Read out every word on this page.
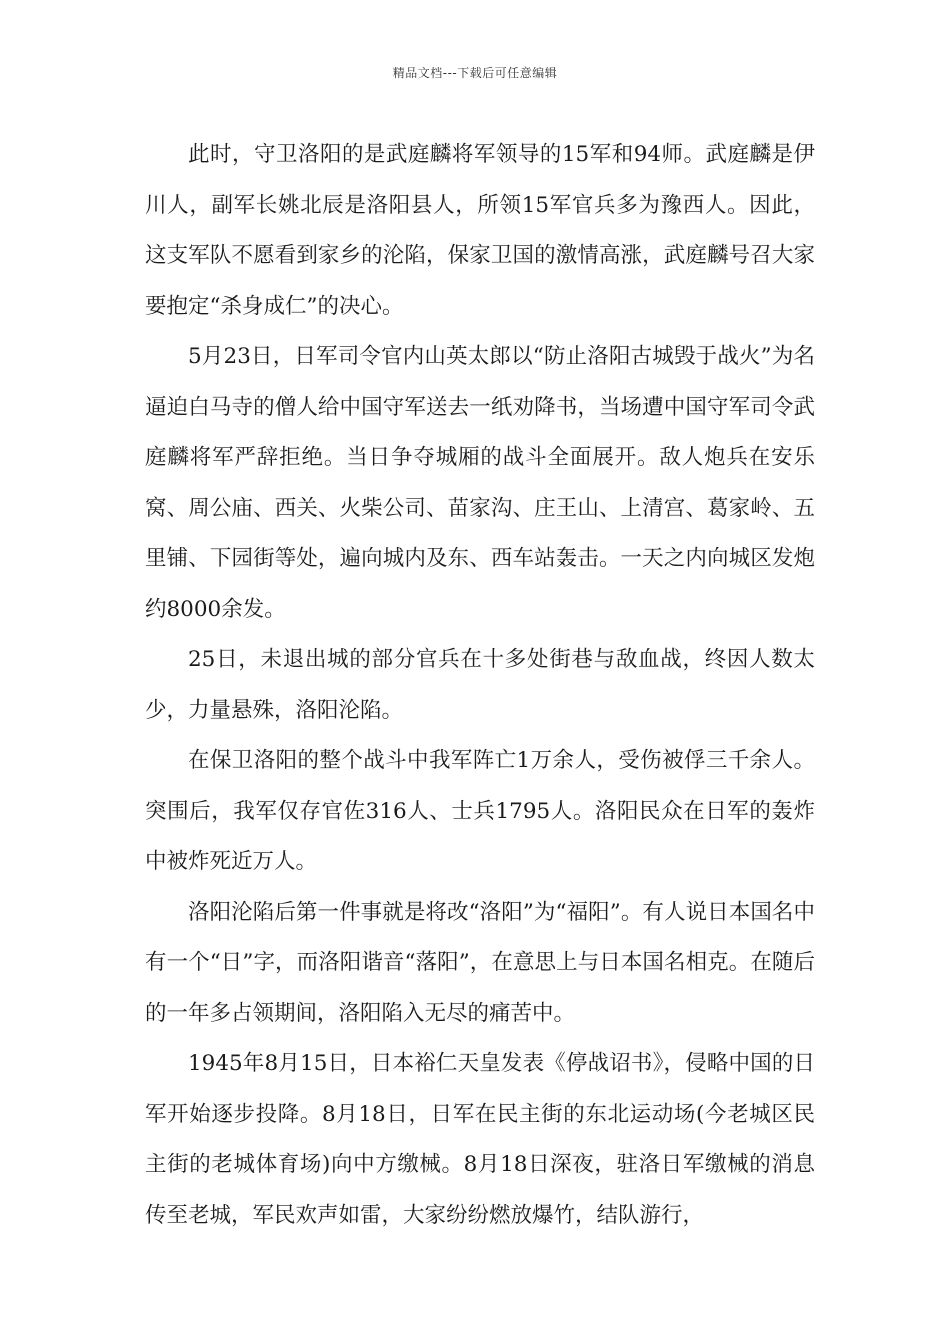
精品文档---下载后可任意编辑

此时，守卫洛阳的是武庭麟将军领导的15军和94师。武庭麟是伊川人，副军长姚北辰是洛阳县人，所领15军官兵多为豫西人。因此，这支军队不愿看到家乡的沦陷，保家卫国的激情高涨，武庭麟号召大家要抱定“杀身成仁”的决心。

5月23日，日军司令官内山英太郎以“防止洛阳古城毁于战火”为名逼迫白马寺的僧人给中国守军送去一纸劝降书，当场遭中国守军司令武庭麟将军严辞拒绝。当日争夺城厢的战斗全面展开。敌人炮兵在安乐窝、周公庙、西关、火柴公司、苗家沟、庄王山、上清宫、葛家岭、五里铺、下园街等处，遍向城内及东、西车站轰击。一天之内向城区发炮约8000余发。

25日，未退出城的部分官兵在十多处街巷与敌血战，终因人数太少，力量悬殊，洛阳沦陷。

在保卫洛阳的整个战斗中我军阵亡1万余人，受伤被俘三千余人。突围后，我军仅存官佐316人、士兵1795人。洛阳民众在日军的轰炸中被炸死近万人。

洛阳沦陷后第一件事就是将改“洛阳”为“福阳”。有人说日本国名中有一个“日”字，而洛阳谐音“落阳”，在意思上与日本国名相克。在随后的一年多占领期间，洛阳陷入无尽的痛苦中。

1945年8月15日，日本裕仁天皇发表《停战诏书》，侵略中国的日军开始逐步投降。8月18日，日军在民主街的东北运动场(今老城区民主街的老城体育场)向中方缴械。8月18日深夜，驻洛日军缴械的消息传至老城，军民欢声如雷，大家纷纷燃放爆竹，结队游行，
